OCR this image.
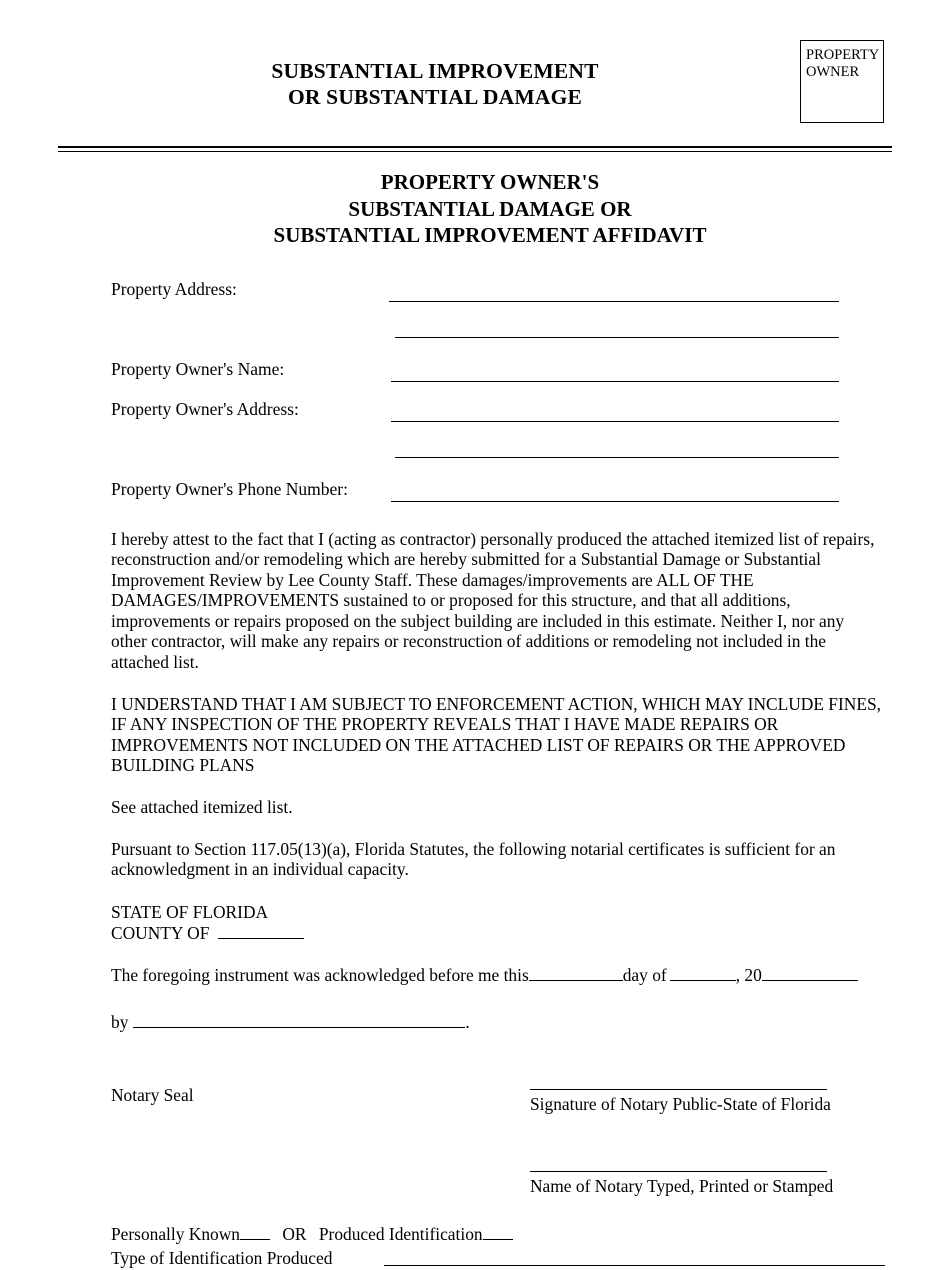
SUBSTANTIAL IMPROVEMENT
OR SUBSTANTIAL DAMAGE
PROPERTY
OWNER
PROPERTY OWNER'S
SUBSTANTIAL DAMAGE OR
SUBSTANTIAL IMPROVEMENT AFFIDAVIT
Property Address:
Property Owner's Name:
Property Owner's Address:
Property Owner's Phone Number:

I hereby attest to the fact that I (acting as contractor) personally produced the attached itemized list of repairs, reconstruction and/or remodeling which are hereby submitted for a Substantial Damage or Substantial Improvement Review by Lee County Staff. These damages/improvements are ALL OF THE DAMAGES/IMPROVEMENTS sustained to or proposed for this structure, and that all additions, improvements or repairs proposed on the subject building are included in this estimate. Neither I, nor any other contractor, will make any repairs or reconstruction of additions or remodeling not included in the attached list.

I UNDERSTAND THAT I AM SUBJECT TO ENFORCEMENT ACTION, WHICH MAY INCLUDE FINES, IF ANY INSPECTION OF THE PROPERTY REVEALS THAT I HAVE MADE REPAIRS OR IMPROVEMENTS NOT INCLUDED ON THE ATTACHED LIST OF REPAIRS OR THE APPROVED BUILDING PLANS

See attached itemized list.

Pursuant to Section 117.05(13)(a), Florida Statutes, the following notarial certificates is sufficient for an acknowledgment in an individual capacity.

STATE OF FLORIDA
COUNTY OF
The foregoing instrument was acknowledged before me this	day of	, 20
by	.
Notary Seal	Signature of Notary Public-State of Florida
Name of Notary Typed, Printed or Stamped
Personally Known OR Produced Identification
Type of Identification Produced
